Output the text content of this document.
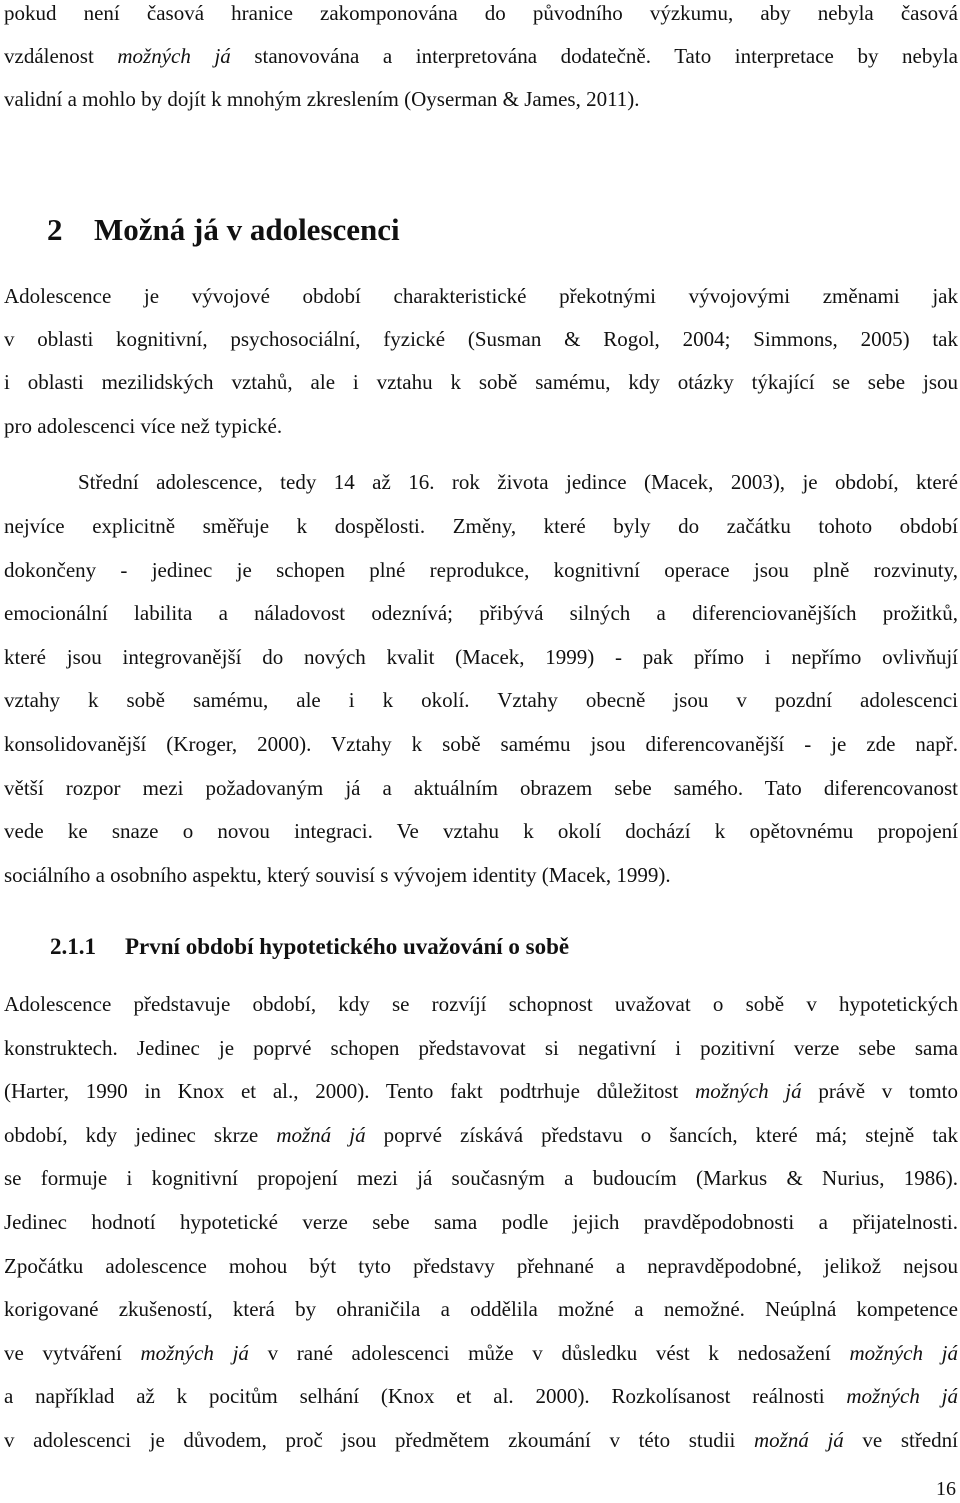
pokud není časová hranice zakomponována do původního výzkumu, aby nebyla časová
vzdálenost možných já stanovována a interpretována dodatečně. Tato interpretace by nebyla
validní a mohlo by dojít k mnohým zkreslením (Oyserman & James, 2011).
2 Možná já v adolescenci
Adolescence je vývojové období charakteristické překotnými vývojovými změnami jak
v oblasti kognitivní, psychosociální, fyzické (Susman & Rogol, 2004; Simmons, 2005) tak
i oblasti mezilidských vztahů, ale i vztahu k sobě samému, kdy otázky týkající se sebe jsou
pro adolescenci více než typické.
Střední adolescence, tedy 14 až 16. rok života jedince (Macek, 2003), je období, které
nejvíce explicitně směřuje k dospělosti. Změny, které byly do začátku tohoto období
dokončeny - jedinec je schopen plné reprodukce, kognitivní operace jsou plně rozvinuty,
emocionální labilita a náladovost odeznívá; přibývá silných a diferenciovanějších prožitků,
které jsou integrovanější do nových kvalit (Macek, 1999) - pak přímo i nepřímo ovlivňují
vztahy k sobě samému, ale i k okolí. Vztahy obecně jsou v pozdní adolescenci
konsolidovanější (Kroger, 2000). Vztahy k sobě samému jsou diferencovanější - je zde např.
větší rozpor mezi požadovaným já a aktuálním obrazem sebe samého. Tato diferencovanost
vede ke snaze o novou integraci. Ve vztahu k okolí dochází k opětovnému propojení
sociálního a osobního aspektu, který souvisí s vývojem identity (Macek, 1999).
2.1.1 První období hypotetického uvažování o sobě
Adolescence představuje období, kdy se rozvíjí schopnost uvažovat o sobě v hypotetických
konstruktech. Jedinec je poprvé schopen představovat si negativní i pozitivní verze sebe sama
(Harter, 1990 in Knox et al., 2000). Tento fakt podtrhuje důležitost možných já právě v tomto
období, kdy jedinec skrze možná já poprvé získává představu o šancích, které má; stejně tak
se formuje i kognitivní propojení mezi já současným a budoucím (Markus & Nurius, 1986).
Jedinec hodnotí hypotetické verze sebe sama podle jejich pravděpodobnosti a přijatelnosti.
Zpočátku adolescence mohou být tyto představy přehnané a nepravděpodobné, jelikož nejsou
korigované zkušeností, která by ohraničila a oddělila možné a nemožné. Neúplná kompetence
ve vytváření možných já v rané adolescenci může v důsledku vést k nedosažení možných já
a například až k pocitům selhání (Knox et al. 2000). Rozkolísanost reálnosti možných já
v adolescenci je důvodem, proč jsou předmětem zkoumání v této studii možná já ve střední
16
